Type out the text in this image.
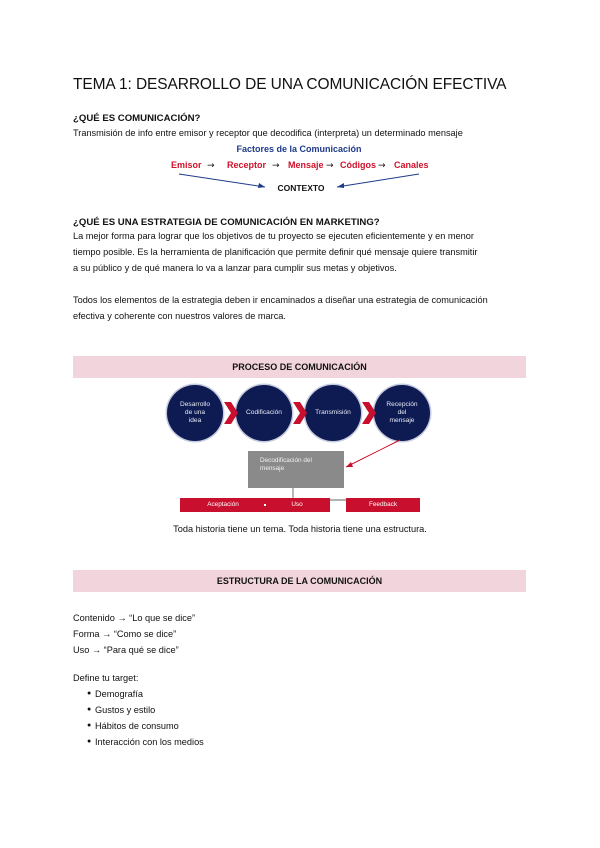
TEMA 1: DESARROLLO DE UNA COMUNICACIÓN EFECTIVA
¿QUÉ ES COMUNICACIÓN?
Transmisión de info entre emisor y receptor que decodifica (interpreta) un determinado mensaje
Factores de la Comunicación
Emisor → Receptor → Mensaje → Códigos → Canales
CONTEXTO
¿QUÉ ES UNA ESTRATEGIA DE COMUNICACIÓN EN MARKETING?
La mejor forma para lograr que los objetivos de tu proyecto se ejecuten eficientemente y en menor
tiempo posible. Es la herramienta de planificación que permite definir qué mensaje quiere transmitir
a su público y de qué manera lo va a lanzar para cumplir sus metas y objetivos.
Todos los elementos de la estrategia deben ir encaminados a diseñar una estrategia de comunicación
efectiva y coherente con nuestros valores de marca.
PROCESO DE COMUNICACIÓN
Desarrollo
de una
idea
Codificación	Transmisión
Recepción
del
mensaje
Decodificación del
mensaje
Aceptación	Uso	Feedback
Toda historia tiene un tema. Toda historia tiene una estructura.
ESTRUCTURA DE LA COMUNICACIÓN
Contenido → “Lo que se dice”
Forma → “Como se dice”
Uso → “Para qué se dice”
Define tu target:
● Demografía
● Gustos y estilo
● Hábitos de consumo
● Interacción con los medios
